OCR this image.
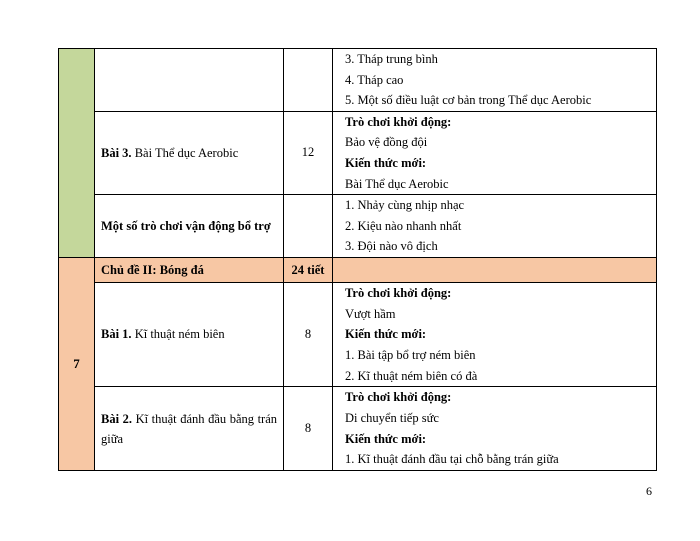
			3. Tháp trung bình
4. Tháp cao
5. Một số điều luật cơ bản trong Thể dục Aerobic

	Bài 3. Bài Thể dục Aerobic	12	Trò chơi khởi động:
Bảo vệ đồng đội
Kiến thức mới:
Bài Thể dục Aerobic

	Một số trò chơi vận động bổ trợ		1. Nhảy cùng nhịp nhạc
2. Kiệu nào nhanh nhất
3. Đội nào vô địch

7	Chủ đề II: Bóng đá	24 tiết	
	Bài 1. Kĩ thuật ném biên	8	Trò chơi khởi động:
Vượt hầm
Kiến thức mới:
1. Bài tập bổ trợ ném biên
2. Kĩ thuật ném biên có đà

	Bài 2. Kĩ thuật đánh đầu bằng trán giữa	8	Trò chơi khởi động:
Di chuyển tiếp sức
Kiến thức mới:
1. Kĩ thuật đánh đầu tại chỗ bằng trán giữa
6
